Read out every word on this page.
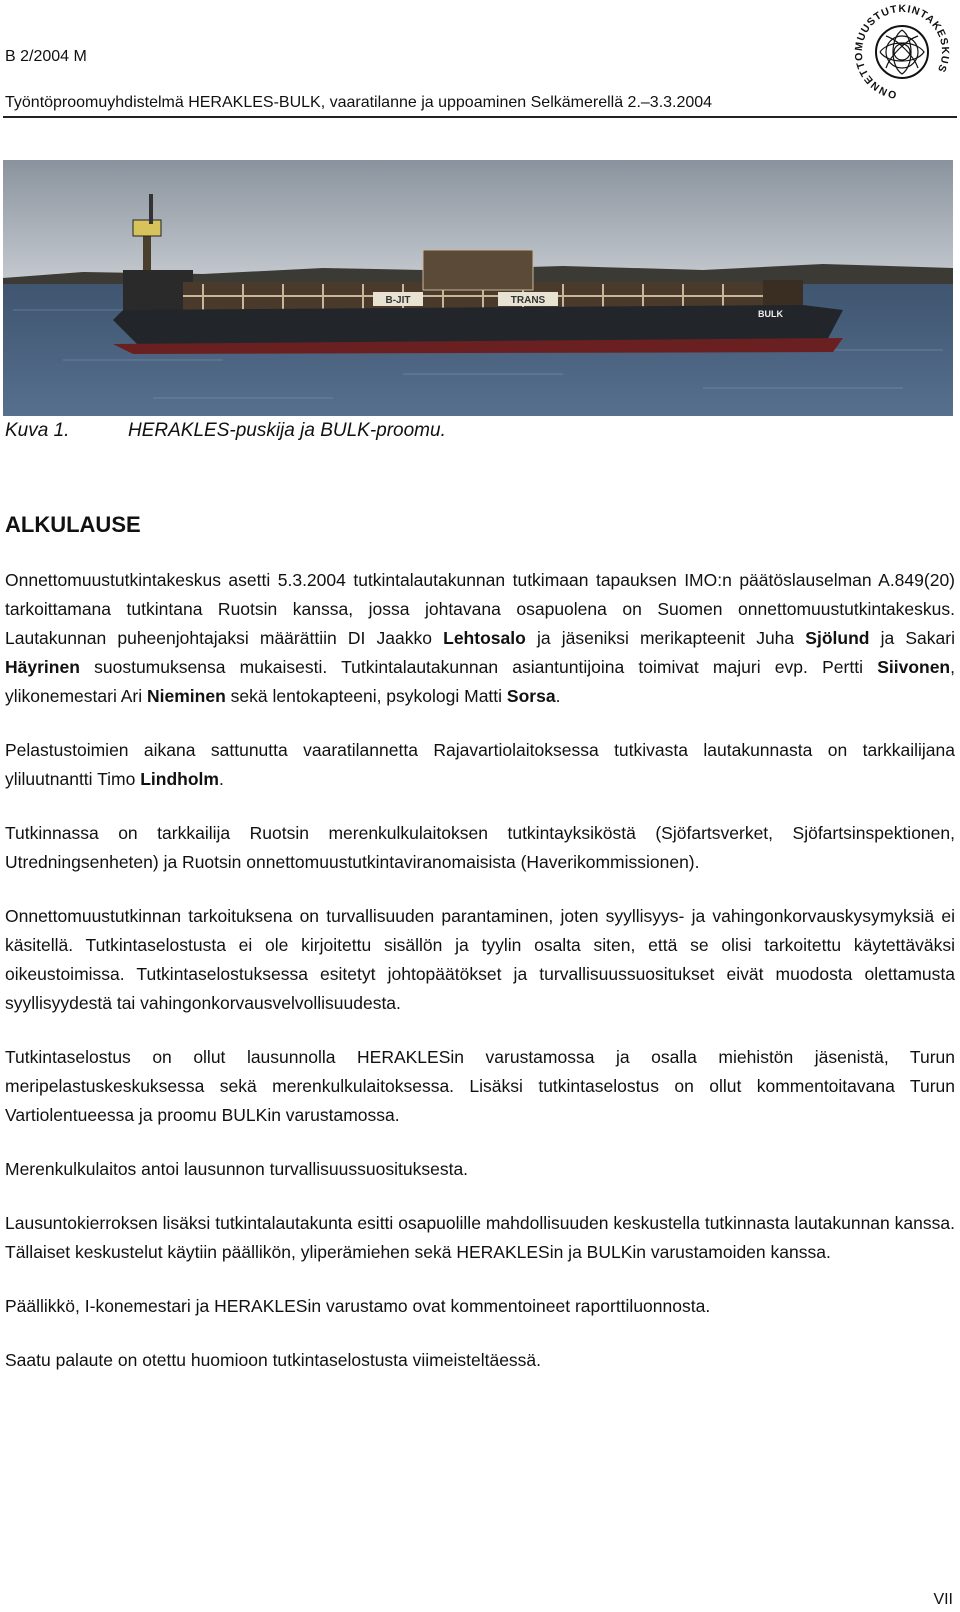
B 2/2004 M
Työntöproomuyhdistelmä HERAKLES-BULK, vaaratilanne ja uppoaminen Selkämerellä 2.–3.3.2004
ONNETTOMUUSTUTKINTAKESKUS
B-JIT	TRANS
BULK
Kuva 1.	HERAKLES-puskija ja BULK-proomu.
ALKULAUSE

Onnettomuustutkintakeskus asetti 5.3.2004 tutkintalautakunnan tutkimaan tapauksen IMO:n päätöslauselman A.849(20) tarkoittamana tutkintana Ruotsin kanssa, jossa johtavana osapuolena on Suomen onnettomuustutkintakeskus. Lautakunnan puheenjohtajaksi määrättiin DI Jaakko Lehtosalo ja jäseniksi merikapteenit Juha Sjölund ja Sakari Häyrinen suostumuksensa mukaisesti. Tutkintalautakunnan asiantuntijoina toimivat majuri evp. Pertti Siivonen, ylikonemestari Ari Nieminen sekä lentokapteeni, psykologi Matti Sorsa.

Pelastustoimien aikana sattunutta vaaratilannetta Rajavartiolaitoksessa tutkivasta lautakunnasta on tarkkailijana yliluutnantti Timo Lindholm.

Tutkinnassa on tarkkailija Ruotsin merenkulkulaitoksen tutkintayksiköstä (Sjöfartsverket, Sjöfartsinspektionen, Utredningsenheten) ja Ruotsin onnettomuustutkintaviranomaisista (Haverikommissionen).

Onnettomuustutkinnan tarkoituksena on turvallisuuden parantaminen, joten syyllisyys- ja vahingonkorvauskysymyksiä ei käsitellä. Tutkintaselostusta ei ole kirjoitettu sisällön ja tyylin osalta siten, että se olisi tarkoitettu käytettäväksi oikeustoimissa. Tutkintaselostuksessa esitetyt johtopäätökset ja turvallisuussuositukset eivät muodosta olettamusta syyllisyydestä tai vahingonkorvausvelvollisuudesta.

Tutkintaselostus on ollut lausunnolla HERAKLESin varustamossa ja osalla miehistön jäsenistä, Turun meripelastuskeskuksessa sekä merenkulkulaitoksessa. Lisäksi tutkintaselostus on ollut kommentoitavana Turun Vartiolentueessa ja proomu BULKin varustamossa.

Merenkulkulaitos antoi lausunnon turvallisuussuosituksesta.

Lausuntokierroksen lisäksi tutkintalautakunta esitti osapuolille mahdollisuuden keskustella tutkinnasta lautakunnan kanssa. Tällaiset keskustelut käytiin päällikön, yliperämiehen sekä HERAKLESin ja BULKin varustamoiden kanssa.

Päällikkö, I-konemestari ja HERAKLESin varustamo ovat kommentoineet raporttiluonnosta.

Saatu palaute on otettu huomioon tutkintaselostusta viimeisteltäessä.

VII
